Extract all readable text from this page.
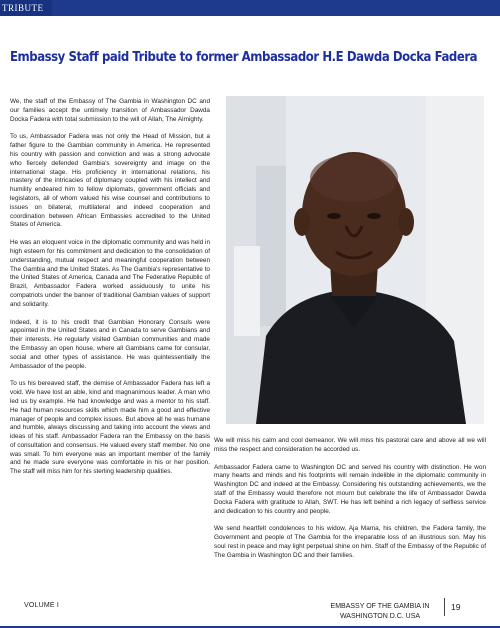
TRIBUTE
Embassy Staff paid Tribute to former Ambassador H.E Dawda Docka Fadera

We, the staff of the Embassy of The Gambia in Washington DC and our families accept the untimely transition of Ambassador Dawda Docka Fadera with total submission to the will of Allah, The Almighty.

To us, Ambassador Fadera was not only the Head of Mission, but a father figure to the Gambian community in America. He represented his country with passion and conviction and was a strong advocate who fiercely defended Gambia's sovereignty and image on the international stage. His proficiency in international relations, his mastery of the intricacies of diplomacy coupled with his intellect and humility endeared him to fellow diplomats, government officials and legislators, all of whom valued his wise counsel and contributions to issues on bilateral, multilateral and indeed cooperation and coordination between African Embassies accredited to the United States of America.

He was an eloquent voice in the diplomatic community and was held in high esteem for his commitment and dedication to the consolidation of understanding, mutual respect and meaningful cooperation between The Gambia and the United States. As The Gambia's representative to the United States of America, Canada and The Federative Republic of Brazil, Ambassador Fadera worked assiduously to unite his compatriots under the banner of traditional Gambian values of support and solidarity.

Indeed, it is to his credit that Gambian Honorary Consuls were appointed in the United States and in Canada to serve Gambians and their interests. He regularly visited Gambian communities and made the Embassy an open house, where all Gambians came for consular, social and other types of assistance. He was quintessentially the Ambassador of the people.

To us his bereaved staff, the demise of Ambassador Fadera has left a void. We have lost an able, kind and magnanimous leader. A man who led us by example. He had knowledge and was a mentor to his staff. He had human resources skills which made him a good and effective manager of people and complex issues. But above all he was humane and humble, always discussing and taking into account the views and ideas of his staff. Ambassador Fadera ran the Embassy on the basis of consultation and consensus. He valued every staff member. No one was small. To him everyone was an important member of the family and he made sure everyone was comfortable in his or her position. The staff will miss him for his sterling leadership qualities.

We will miss his calm and cool demeanor. We will miss his pastoral care and above all we will miss the respect and consideration he accorded us.

Ambassador Fadera came to Washington DC and served his country with distinction. He won many hearts and minds and his footprints will remain indelible in the diplomatic community in Washington DC and indeed at the Embassy. Considering his outstanding achievements, we the staff of the Embassy would therefore not mourn but celebrate the life of Ambassador Dawda Docka Fadera with gratitude to Allah, SWT. He has left behind a rich legacy of selfless service and dedication to his country and people.

We send heartfelt condolences to his widow, Aja Mama, his children, the Fadera family, the Government and people of The Gambia for the irreparable loss of an illustrious son. May his soul rest in peace and may light perpetual shine on him. Staff of the Embassy of the Republic of The Gambia in Washington DC and their families.

VOLUME I	EMBASSY OF THE GAMBIA IN
WASHINGTON D.C. USA
19
